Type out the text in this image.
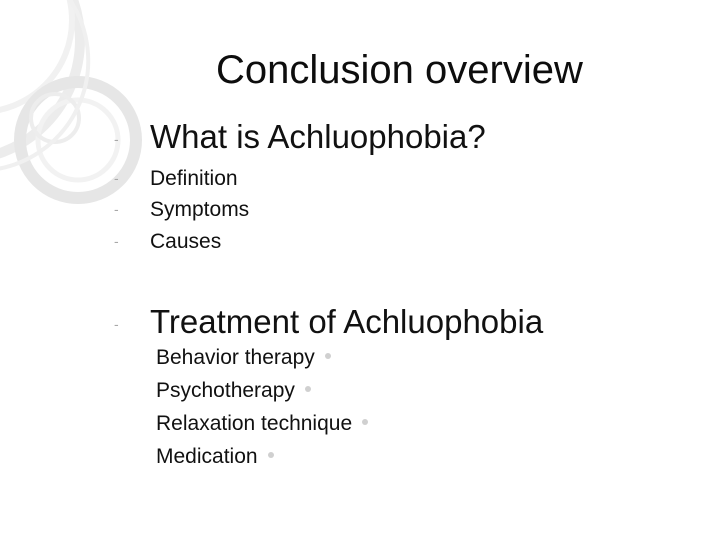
Conclusion overview
- What is Achluophobia?
- Definition
- Symptoms
- Causes
- Treatment of Achluophobia
Behavior therapy
Psychotherapy
Relaxation technique
Medication
